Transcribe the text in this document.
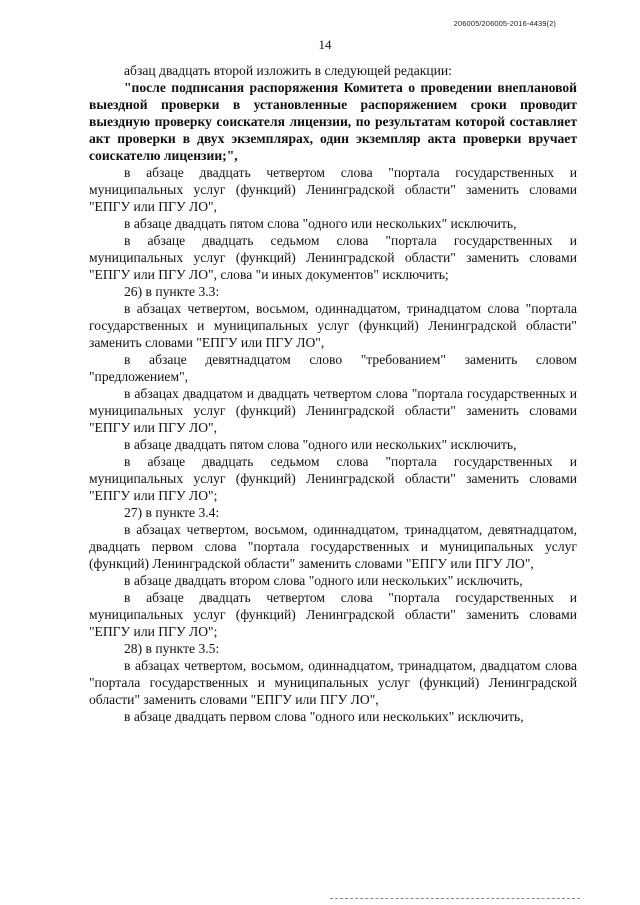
206005/206005-2016-4439(2)
14

абзац двадцать второй изложить в следующей редакции:

"после подписания распоряжения Комитета о проведении внеплановой выездной проверки в установленные распоряжением сроки проводит выездную проверку соискателя лицензии, по результатам которой составляет акт проверки в двух экземплярах, один экземпляр акта проверки вручает соискателю лицензии;",

в абзаце двадцать четвертом слова "портала государственных и муниципальных услуг (функций) Ленинградской области" заменить словами "ЕПГУ или ПГУ ЛО",

в абзаце двадцать пятом слова "одного или нескольких" исключить,

в абзаце двадцать седьмом слова "портала государственных и муниципальных услуг (функций) Ленинградской области" заменить словами "ЕПГУ или ПГУ ЛО", слова "и иных документов" исключить;

26) в пункте 3.3:

в абзацах четвертом, восьмом, одиннадцатом, тринадцатом слова "портала государственных и муниципальных услуг (функций) Ленинградской области" заменить словами "ЕПГУ или ПГУ ЛО",

в абзаце девятнадцатом слово "требованием" заменить словом "предложением",

в абзацах двадцатом и двадцать четвертом слова "портала государственных и муниципальных услуг (функций) Ленинградской области" заменить словами "ЕПГУ или ПГУ ЛО",

в абзаце двадцать пятом слова "одного или нескольких" исключить,

в абзаце двадцать седьмом слова "портала государственных и муниципальных услуг (функций) Ленинградской области" заменить словами "ЕПГУ или ПГУ ЛО";

27) в пункте 3.4:

в абзацах четвертом, восьмом, одиннадцатом, тринадцатом, девятнадцатом, двадцать первом слова "портала государственных и муниципальных услуг (функций) Ленинградской области" заменить словами "ЕПГУ или ПГУ ЛО",

в абзаце двадцать втором слова "одного или нескольких" исключить,

в абзаце двадцать четвертом слова "портала государственных и муниципальных услуг (функций) Ленинградской области" заменить словами "ЕПГУ или ПГУ ЛО";

28) в пункте 3.5:

в абзацах четвертом, восьмом, одиннадцатом, тринадцатом, двадцатом слова "портала государственных и муниципальных услуг (функций) Ленинградской области" заменить словами "ЕПГУ или ПГУ ЛО",

в абзаце двадцать первом слова "одного или нескольких" исключить,
